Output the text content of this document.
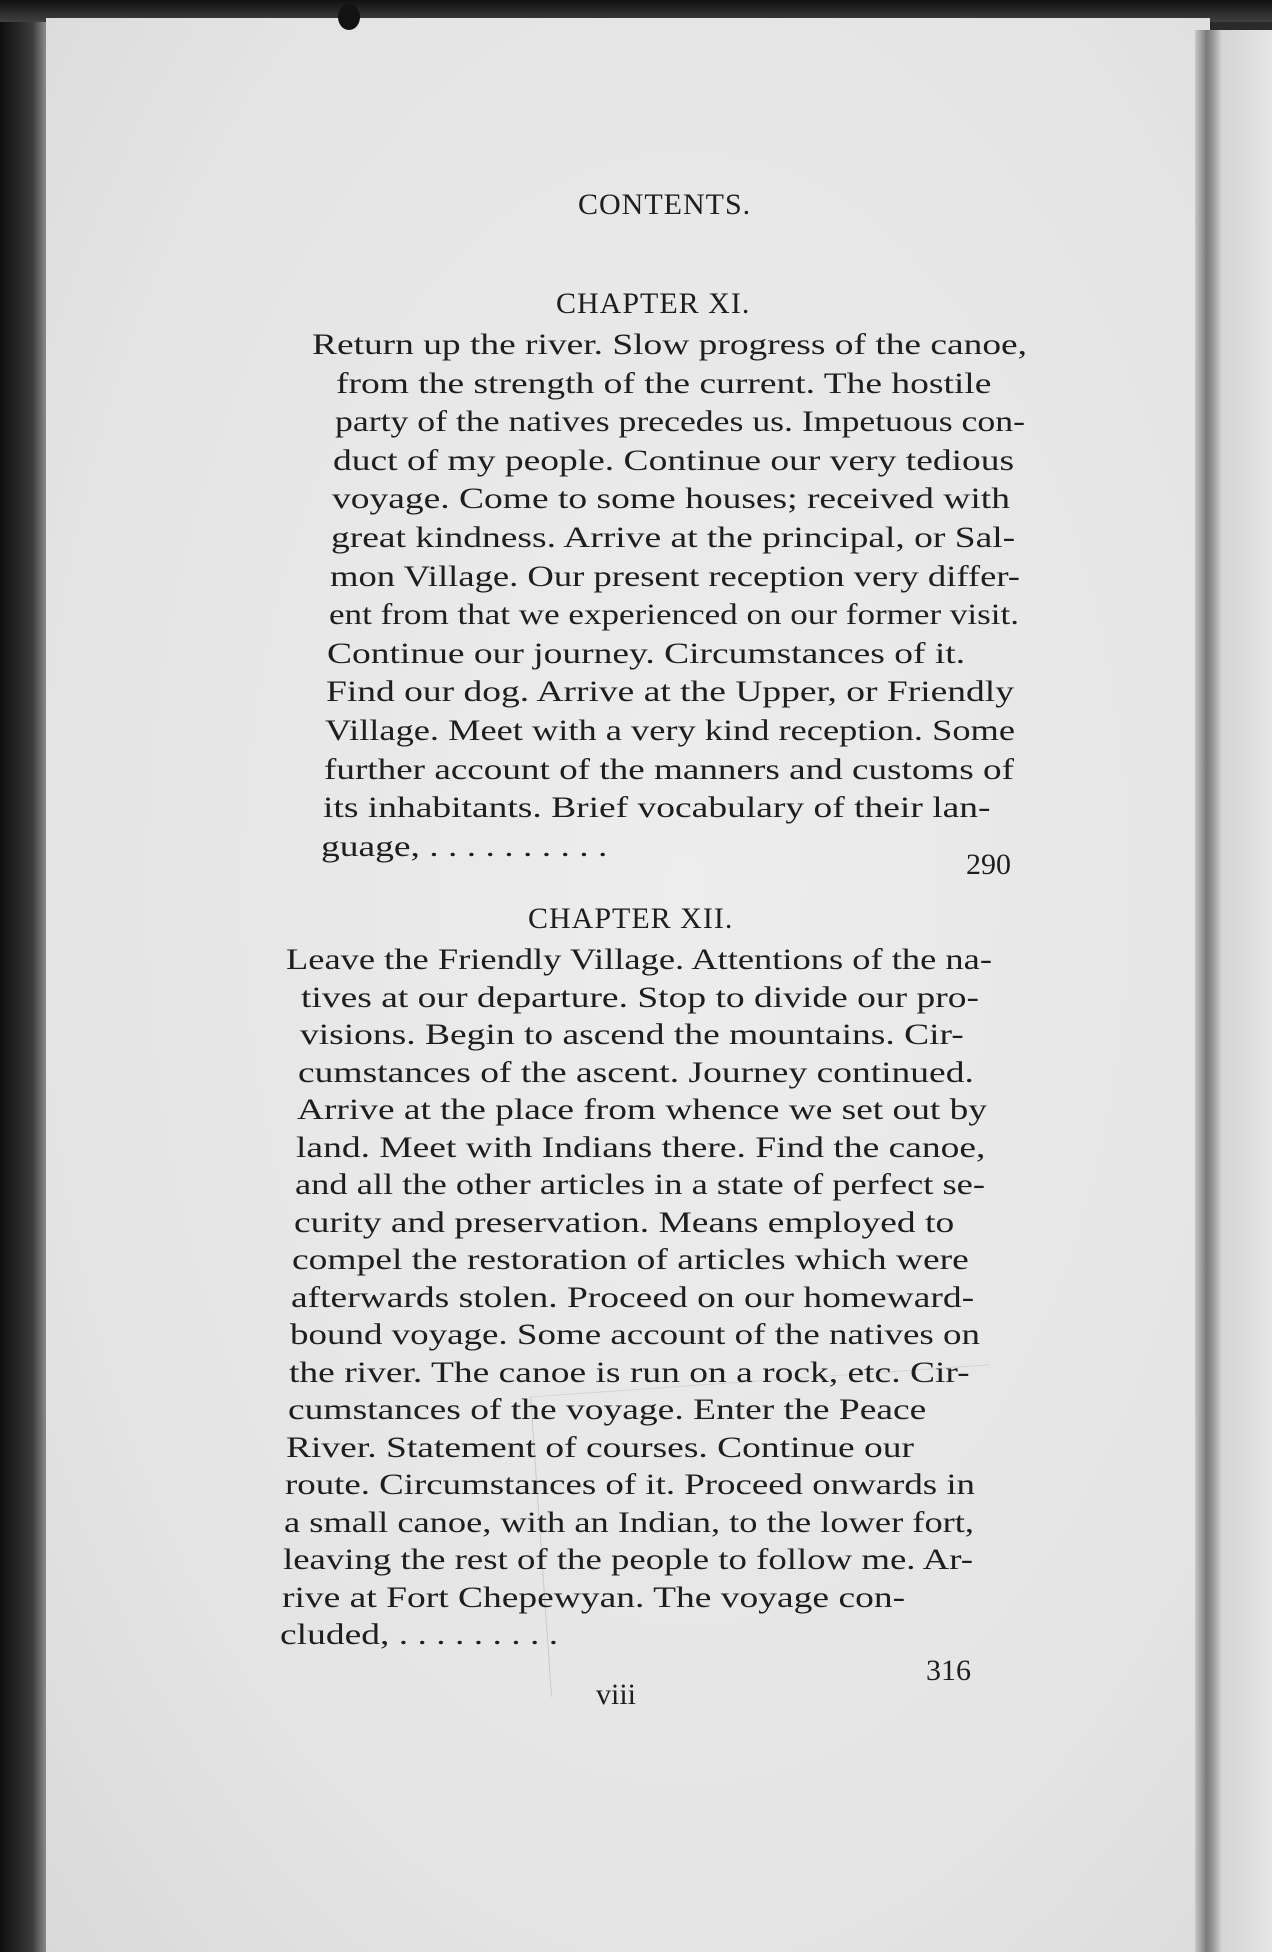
CONTENTS.
CHAPTER XI.
Return up the river. Slow progress of the canoe,
from the strength of the current. The hostile
party of the natives precedes us. Impetuous con-
duct of my people. Continue our very tedious
voyage. Come to some houses; received with
great kindness. Arrive at the principal, or Sal-
mon Village. Our present reception very differ-
ent from that we experienced on our former visit.
Continue our journey. Circumstances of it.
Find our dog. Arrive at the Upper, or Friendly
Village. Meet with a very kind reception. Some
further account of the manners and customs of
its inhabitants. Brief vocabulary of their lan-
guage, . . . . . . . . . .
290
CHAPTER XII.
Leave the Friendly Village. Attentions of the na-
tives at our departure. Stop to divide our pro-
visions. Begin to ascend the mountains. Cir-
cumstances of the ascent. Journey continued.
Arrive at the place from whence we set out by
land. Meet with Indians there. Find the canoe,
and all the other articles in a state of perfect se-
curity and preservation. Means employed to
compel the restoration of articles which were
afterwards stolen. Proceed on our homeward-
bound voyage. Some account of the natives on
the river. The canoe is run on a rock, etc. Cir-
cumstances of the voyage. Enter the Peace
River. Statement of courses. Continue our
route. Circumstances of it. Proceed onwards in
a small canoe, with an Indian, to the lower fort,
leaving the rest of the people to follow me. Ar-
rive at Fort Chepewyan. The voyage con-
cluded, . . . . . . . . .
316
viii
